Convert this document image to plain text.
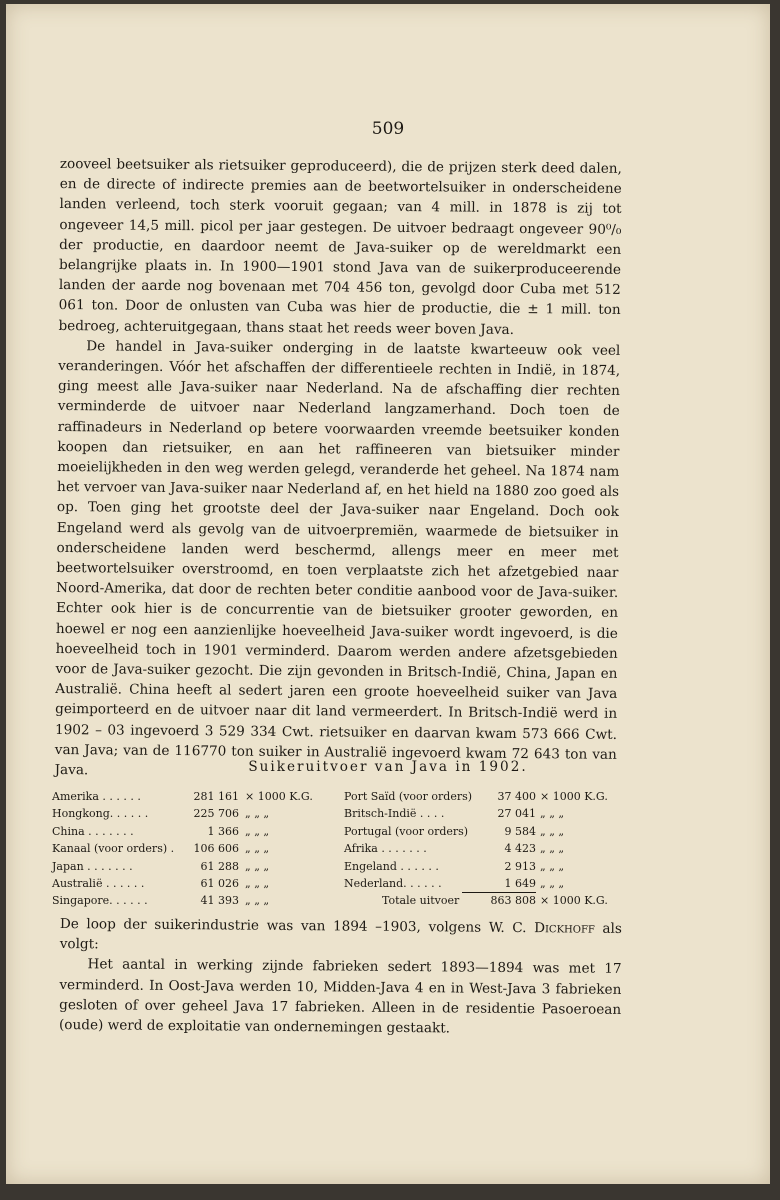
509

zooveel beetsuiker als rietsuiker geproduceerd), die de prijzen sterk deed dalen, en de directe of indirecte premies aan de beetwortelsuiker in onderscheidene landen verleend, toch sterk vooruit gegaan; van 4 mill. in 1878 is zij tot ongeveer 14,5 mill. picol per jaar gestegen. De uitvoer bedraagt ongeveer 90⁰/₀ der productie, en daardoor neemt de Java-suiker op de wereldmarkt een belangrijke plaats in. In 1900—1901 stond Java van de suikerproduceerende landen der aarde nog bovenaan met 704 456 ton, gevolgd door Cuba met 512 061 ton. Door de onlusten van Cuba was hier de productie, die ± 1 mill. ton bedroeg, achteruitgegaan, thans staat het reeds weer boven Java.

De handel in Java-suiker onderging in de laatste kwarteeuw ook veel veranderingen. Vóór het afschaffen der differentieele rechten in Indië, in 1874, ging meest alle Java-suiker naar Nederland. Na de afschaffing dier rechten verminderde de uitvoer naar Nederland langzamerhand. Doch toen de raffinadeurs in Nederland op betere voorwaarden vreemde beetsuiker konden koopen dan rietsuiker, en aan het raffineeren van bietsuiker minder moeielijkheden in den weg werden gelegd, veranderde het geheel. Na 1874 nam het vervoer van Java-suiker naar Nederland af, en het hield na 1880 zoo goed als op. Toen ging het grootste deel der Java-suiker naar Engeland. Doch ook Engeland werd als gevolg van de uitvoerpremiën, waarmede de bietsuiker in onderscheidene landen werd beschermd, allengs meer en meer met beetwortelsuiker overstroomd, en toen verplaatste zich het afzetgebied naar Noord-Amerika, dat door de rechten beter conditie aanbood voor de Java-suiker. Echter ook hier is de concurrentie van de bietsuiker grooter geworden, en hoewel er nog een aanzienlijke hoeveelheid Java-suiker wordt ingevoerd, is die hoeveelheid toch in 1901 verminderd. Daarom werden andere afzetsgebieden voor de Java-suiker gezocht. Die zijn gevonden in Britsch-Indië, China, Japan en Australië. China heeft al sedert jaren een groote hoeveelheid suiker van Java geimporteerd en de uitvoer naar dit land vermeerdert. In Britsch-Indië werd in 1902 – 03 ingevoerd 3 529 334 Cwt. rietsuiker en daarvan kwam 573 666 Cwt. van Java; van de 116770 ton suiker in Australië ingevoerd kwam 72 643 ton van Java.	Suikeruitvoer van Java in 1902.
Amerika . . . . . .	281 161 × 1000 K.G.
Hongkong. . . . . .	225 706 „ „ „
China . . . . . . .	1 366 „ „ „
Kanaal (voor orders) .	106 606 „ „ „
Japan . . . . . . .	61 288 „ „ „
Australië . . . . . .	61 026 „ „ „
Singapore. . . . . .	41 393 „ „ „
Port Saïd (voor orders)	37 400 × 1000 K.G.
Britsch-Indië . . . .	27 041 „ „ „
Portugal (voor orders)	9 584 „ „ „
Afrika . . . . . . .	4 423 „ „ „
Engeland . . . . . .	2 913 „ „ „
Nederland. . . . . .	1 649 „ „ „
Totale uitvoer	863 808 × 1000 K.G.

De loop der suikerindustrie was van 1894 –1903, volgens W. C. Dickhoff als volgt:

Het aantal in werking zijnde fabrieken sedert 1893—1894 was met 17 verminderd. In Oost-Java werden 10, Midden-Java 4 en in West-Java 3 fabrieken gesloten of over geheel Java 17 fabrieken. Alleen in de residentie Pasoeroean (oude) werd de exploitatie van ondernemingen gestaakt.
